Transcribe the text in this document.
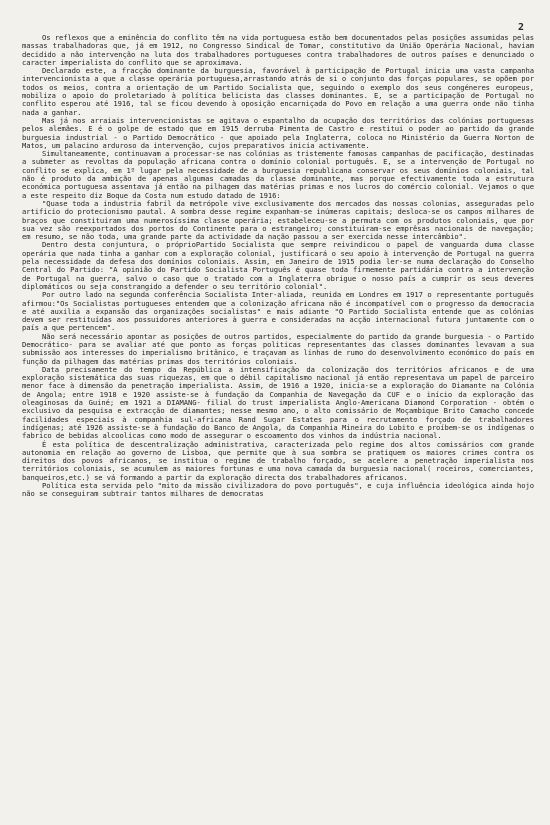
2

Os reflexos que a eminência do conflito têm na vida portuguesa estão bem documentados pelas posições assumidas pelas massas trabalhadoras que, já em 1912, no Congresso Sindical de Tomar, constitutivo da União Operária Nacional, haviam decidido a não intervenção na luta dos trabalhadores portugueses contra trabalhadores de outros países e denunciado o caracter imperialista do conflito que se aproximava.

Declarado este, a fracção dominante da burguesia, favorável à participação de Portugal inicia uma vasta campanha intervencionista a que a classe operária portuguesa,arrastando atrás de si o conjunto das forças populares, se opõem por todos os meios, contra a orientação de um Partido Socialista que, seguindo o exemplo dos seus congéneres europeus, mobiliza o apoio do proletariado à política belicista das classes dominantes. E, se a participação de Portugal no conflito esperou até 1916, tal se ficou devendo à oposição encarniçada do Povo em relação a uma guerra onde não tinha nada a ganhar.

Mas já nos arraiais intervencionistas se agitava o espantalho da ocupação dos territórios das colónias portuguesas pelos alemães. E é o golpe de estado que em 1915 derruba Pimenta de Castro e restitui o poder ao partido da grande burguesia industrial - o Partido Democrático - que apoiado pela Inglaterra, coloca no Ministério da Guerra Norton de Matos, um palacino arduroso da intervenção, cujos preparativos inicia activamente.

Simultaneamente, continuavam a processar-se nas colónias as tristemente famosas campanhas de pacificação, destinadas a submeter as revoltas da população africana contra o domínio colonial português. E, se a intervenção de Portugal no conflito se explica, em 1º lugar pela necessidade de a burguesia republicana conservar os seus domínios coloniais, tal não é produto da ambição de apenas algumas camadas da classe dominante, mas porque efectivamente toda a estrutura económica portuguesa assentava já então na pilhagem das matérias primas e nos lucros do comércio colonial. Vejamos o que a este respeito diz Boque da Costa num estudo datado de 1916:

"Quase toda a industria fabril da metrópole vive exclusivamente dos mercados das nossas colonias, asseguradas pelo artificio do protecionismo pautal. A sombra desse regime expanham-se inúmeras capitais; desloca-se os campos milhares de braços que constituiram uma numerosíssima classe operária; estabeleceu-se a permuta com os produtos coloniais, que por sua vez são reexportados dos portos do Continente para o estrangeiro; constituiram-se emprêsas nacionais de navegação; em resumo, se não toda, uma grande parte da actividade da nação passou a ser exercida nesse intercâmbio".

Dentro desta conjuntura, o próprioPartido Socialista que sempre reivindicou o papel de vanguarda duma classe operária que nada tinha a ganhar com a exploração colonial, justificará o seu apoio à intervenção de Portugal na guerra pela necessidade da defesa dos domínios coloniais. Assim, em Janeiro de 1915 podia ler-se numa declaração do Conselho Central do Partido: "A opinião do Partido Socialista Português é quase toda firmemente partidária contra a intervenção de Portugal na guerra, salvo o caso que o tratado com a Inglaterra obrigue o nosso país a cumprir os seus deveres diplomáticos ou seja constrangido a defender o seu território colonial".

Por outro lado na segunda conferência Socialista Inter-aliada, reunida em Londres em 1917 o representante português afirmou:"Os Socialistas portugueses entendem que a colonização africana não é incompatível com o progresso da democracia e até auxilia a expansão das organizações socialistas" e mais adiante "O Partido Socialista entende que as colónias devem ser restituídas aos possuidores anteriores à guerra e consideradas na acção internacional futura juntamente com o país a que pertencem".

Não será necessário apontar as posições de outros partidos, especialmente do partido da grande burguesia - o Partido Democrático- para se avaliar até que ponto as forças politicas representantes das classes dominantes levavam a sua submissão aos interesses do imperialismo britânico, e traçavam as linhas de rumo do desenvolvimento económico do país em função da pilhagem das matérias primas dos territórios coloniais.

Data precisamente do tempo da República a intensificação da colonização dos territórios africanos e de uma exploração sistemática das suas riquezas, em que o débil capitalismo nacional já então representava um papel de parceiro menor face à dimensão da penetração imperialista. Assim, de 1916 a 1920, inicia-se a exploração do Diamante na Colónia de Angola; entre 1918 e 1920 assiste-se à fundação da Companhia de Navegação da CUF e o início da exploração das oleaginosas da Guiné; em 1921 a DIAMANG- filial do trust imperialista Anglo-Americana Diamond Corporation - obtém o exclusivo da pesquisa e extracção de diamantes; nesse mesmo ano, o alto comissário de Moçambique Brito Camacho concede facilidades especiais à companhia sul-africana Rand Sugar Estates para o recrutamento forçado de trabalhadores indígenas; até 1926 assiste-se à fundação do Banco de Angola, da Companhia Mineira do Lobito e proíbem-se os indígenas o fabrico de bebidas alcoolicas como modo de assegurar o escoamento dos vinhos da indústria nacional.

É esta política de descentralização administrativa, caracterizada pelo regime dos altos comissários com grande autonomia em relação ao governo de Lisboa, que permite que à sua sombra se pratiquem os maiores crimes contra os direitos dos povos africanos, se institua o regime de trabalho forçado, se acelere a penetração imperialista nos territórios coloniais, se acumulem as maiores fortunas e uma nova camada da burguesia nacional( roceiros, comerciantes, banqueiros,etc.) se vá formando a partir da exploração directa dos trabalhadores africanos.

Política esta servida pelo "mito da missão civilizadora do povo português", e cuja influência ideológica ainda hojo não se conseguiram subtrair tantos milhares de democratas
